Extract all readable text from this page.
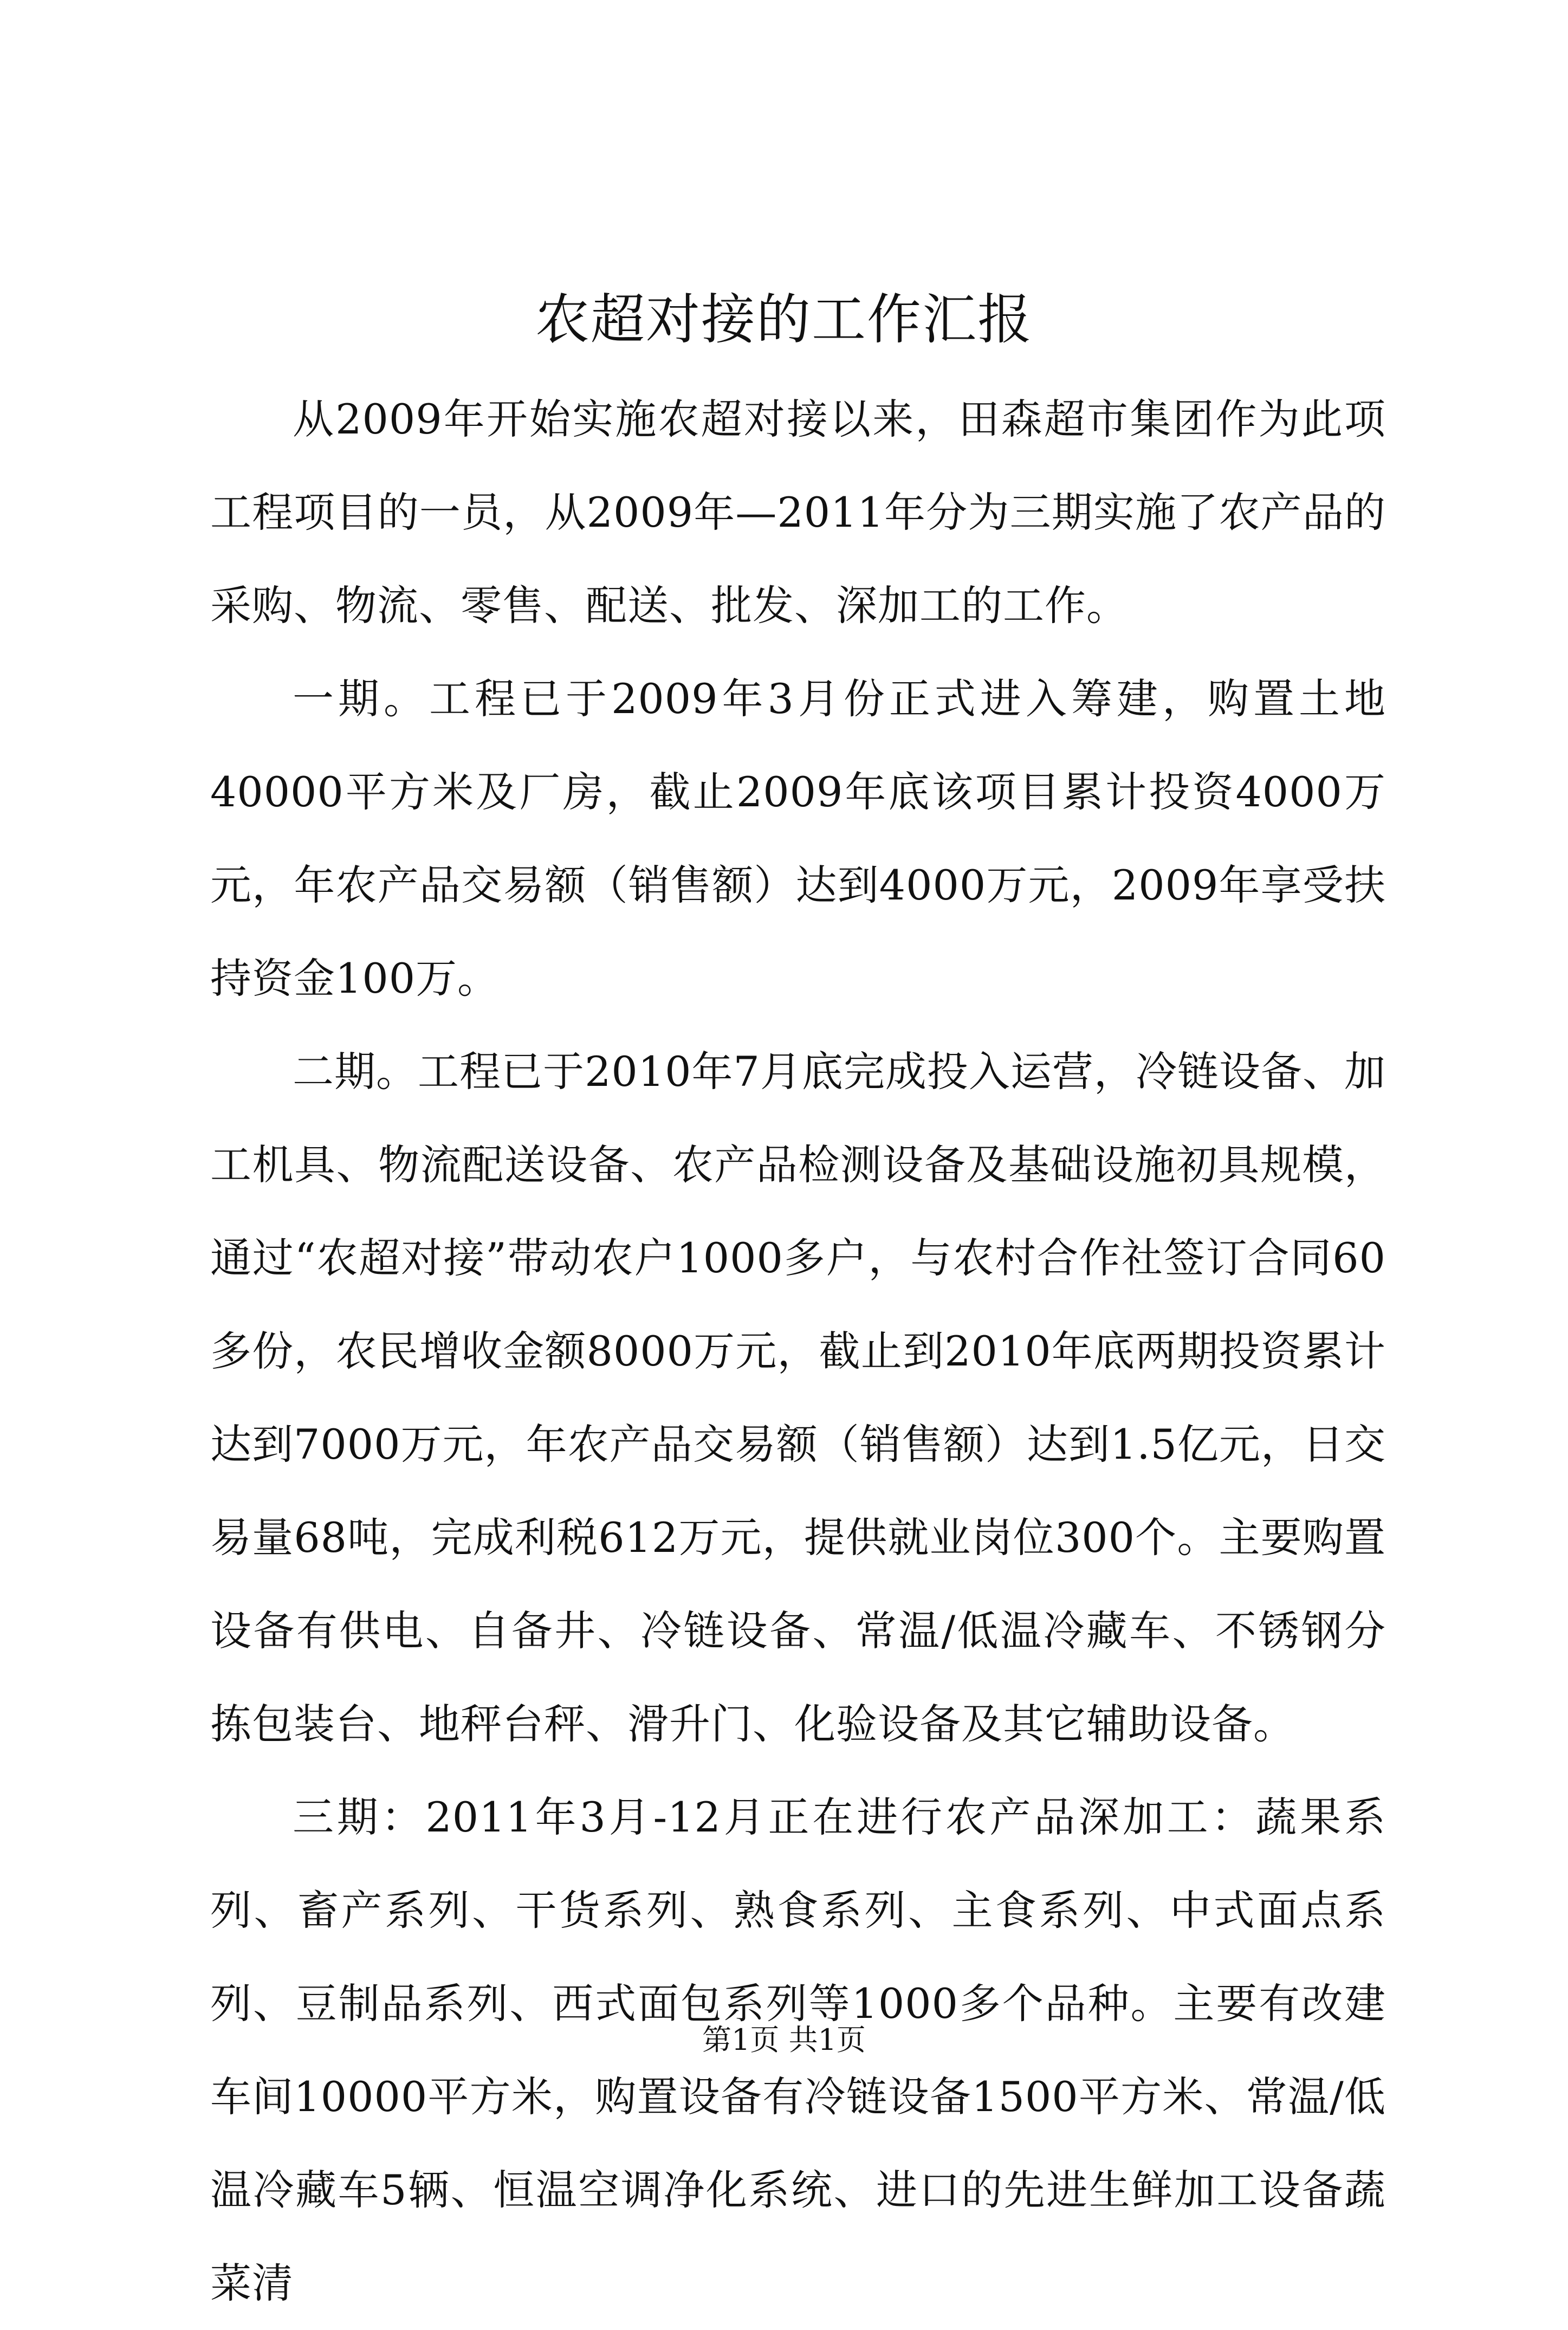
农超对接的工作汇报

从2009年开始实施农超对接以来，田森超市集团作为此项工程项目的一员，从2009年—2011年分为三期实施了农产品的采购、物流、零售、配送、批发、深加工的工作。

一期。工程已于2009年3月份正式进入筹建，购置土地40000平方米及厂房，截止2009年底该项目累计投资4000万元，年农产品交易额（销售额）达到4000万元，2009年享受扶持资金100万。

二期。工程已于2010年7月底完成投入运营，冷链设备、加工机具、物流配送设备、农产品检测设备及基础设施初具规模，通过“农超对接”带动农户1000多户，与农村合作社签订合同60多份，农民增收金额8000万元，截止到2010年底两期投资累计达到7000万元，年农产品交易额（销售额）达到1.5亿元，日交易量68吨，完成利税612万元，提供就业岗位300个。主要购置设备有供电、自备井、冷链设备、常温/低温冷藏车、不锈钢分拣包装台、地秤台秤、滑升门、化验设备及其它辅助设备。

三期：2011年3月-12月正在进行农产品深加工：蔬果系列、畜产系列、干货系列、熟食系列、主食系列、中式面点系列、豆制品系列、西式面包系列等1000多个品种。主要有改建车间10000平方米，购置设备有冷链设备1500平方米、常温/低温冷藏车5辆、恒温空调净化系统、进口的先进生鲜加工设备蔬菜清

第1页 共1页
